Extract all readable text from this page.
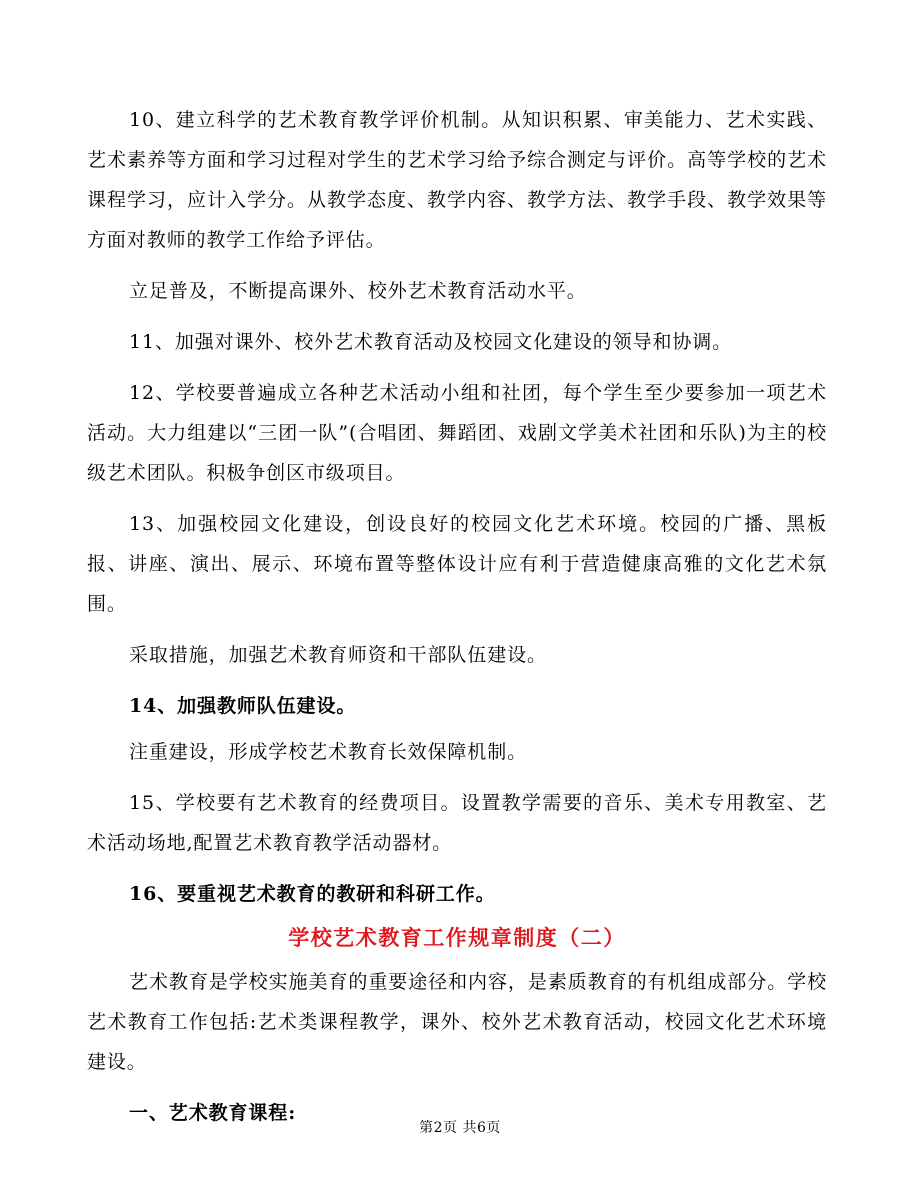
10、建立科学的艺术教育教学评价机制。从知识积累、审美能力、艺术实践、艺术素养等方面和学习过程对学生的艺术学习给予综合测定与评价。高等学校的艺术课程学习，应计入学分。从教学态度、教学内容、教学方法、教学手段、教学效果等方面对教师的教学工作给予评估。

立足普及，不断提高课外、校外艺术教育活动水平。

11、加强对课外、校外艺术教育活动及校园文化建设的领导和协调。

12、学校要普遍成立各种艺术活动小组和社团，每个学生至少要参加一项艺术活动。大力组建以“三团一队”(合唱团、舞蹈团、戏剧文学美术社团和乐队)为主的校级艺术团队。积极争创区市级项目。

13、加强校园文化建设，创设良好的校园文化艺术环境。校园的广播、黑板报、讲座、演出、展示、环境布置等整体设计应有利于营造健康高雅的文化艺术氛围。

采取措施，加强艺术教育师资和干部队伍建设。

14、加强教师队伍建设。

注重建设，形成学校艺术教育长效保障机制。

15、学校要有艺术教育的经费项目。设置教学需要的音乐、美术专用教室、艺术活动场地,配置艺术教育教学活动器材。

16、要重视艺术教育的教研和科研工作。

学校艺术教育工作规章制度（二）

艺术教育是学校实施美育的重要途径和内容，是素质教育的有机组成部分。学校艺术教育工作包括:艺术类课程教学，课外、校外艺术教育活动，校园文化艺术环境建设。

一、艺术教育课程:

第2页 共6页
